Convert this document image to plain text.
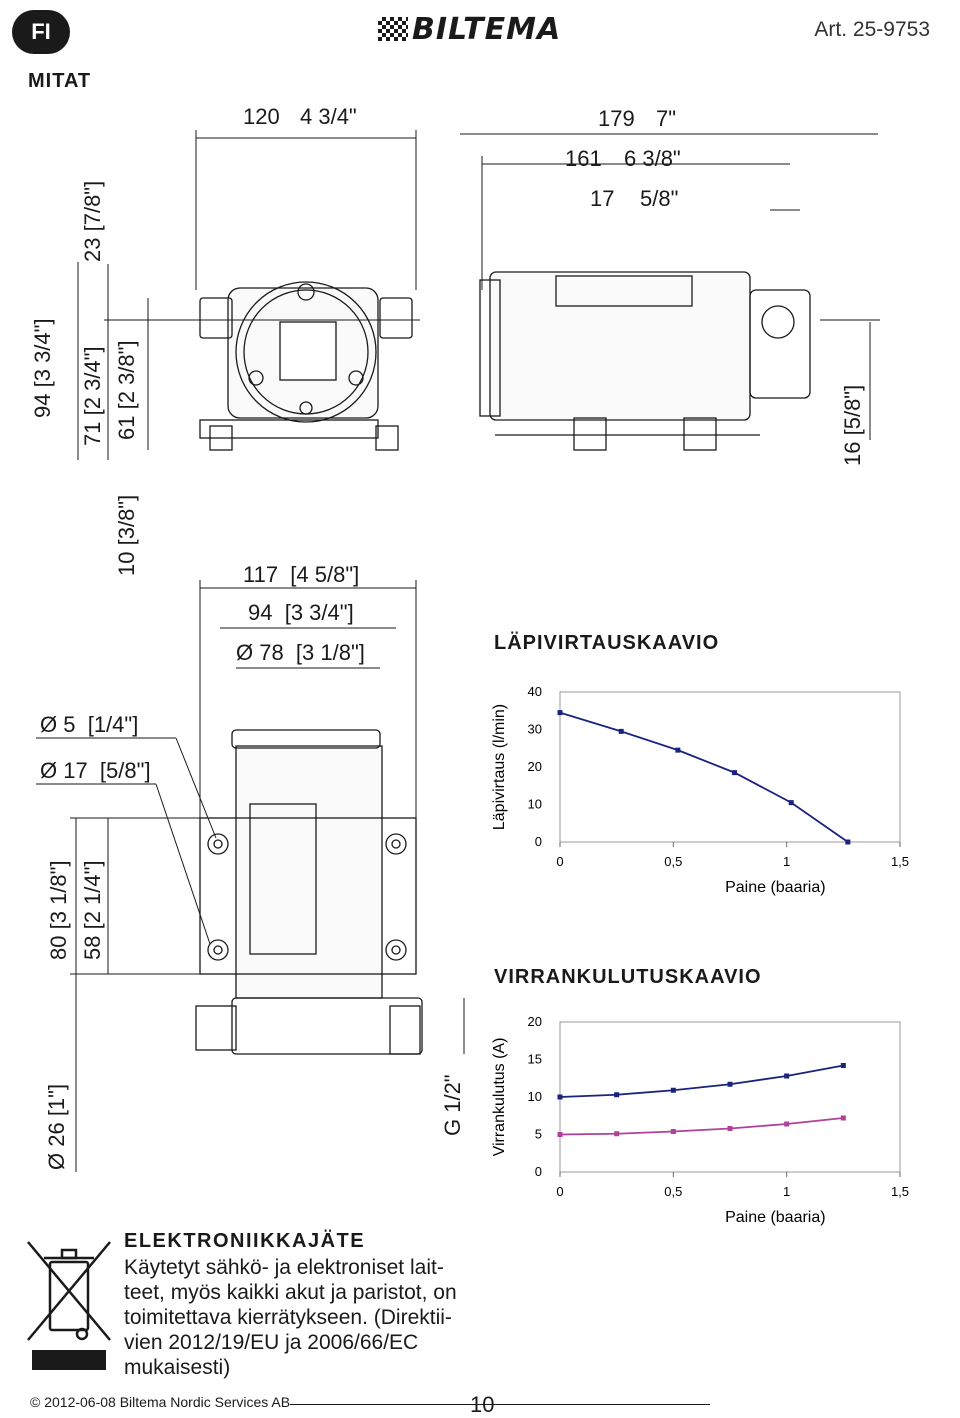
FI	BILTEMA	Art. 25-9753
MITAT
120 4 3/4"	179 7"
161 6 3/8"
17 5/8"
94 [3 3/4"]
71 [2 3/4"]
61 [2 3/8"]
23 [7/8"]
10 [3/8"]
16 [5/8"]
117  [4 5/8"]
94  [3 3/4"]
Ø 78  [3 1/8"]
Ø 5  [1/4"]
Ø 17  [5/8"]
80 [3 1/8"]
58 [2 1/4"]
Ø 26 [1"]	G 1/2"
LÄPIVIRTAUSKAAVIO
VIRRANKULUTUSKAAVIO
0
10
20
30
40
0	0,5	1	1,5
Läpivirtaus (l/min)
Paine (baaria)
0
5
10
15
20
0	0,5	1	1,5
Virrankulutus (A)
Paine (baaria)
ELEKTRONIIKKAJÄTE
Käytetyt sähkö- ja elektroniset lait-
teet, myös kaikki akut ja paristot, on
toimitettava kierrätykseen. (Direktii-
vien 2012/19/EU ja 2006/66/EC
mukaisesti)
© 2012-06-08 Biltema Nordic Services AB	10
